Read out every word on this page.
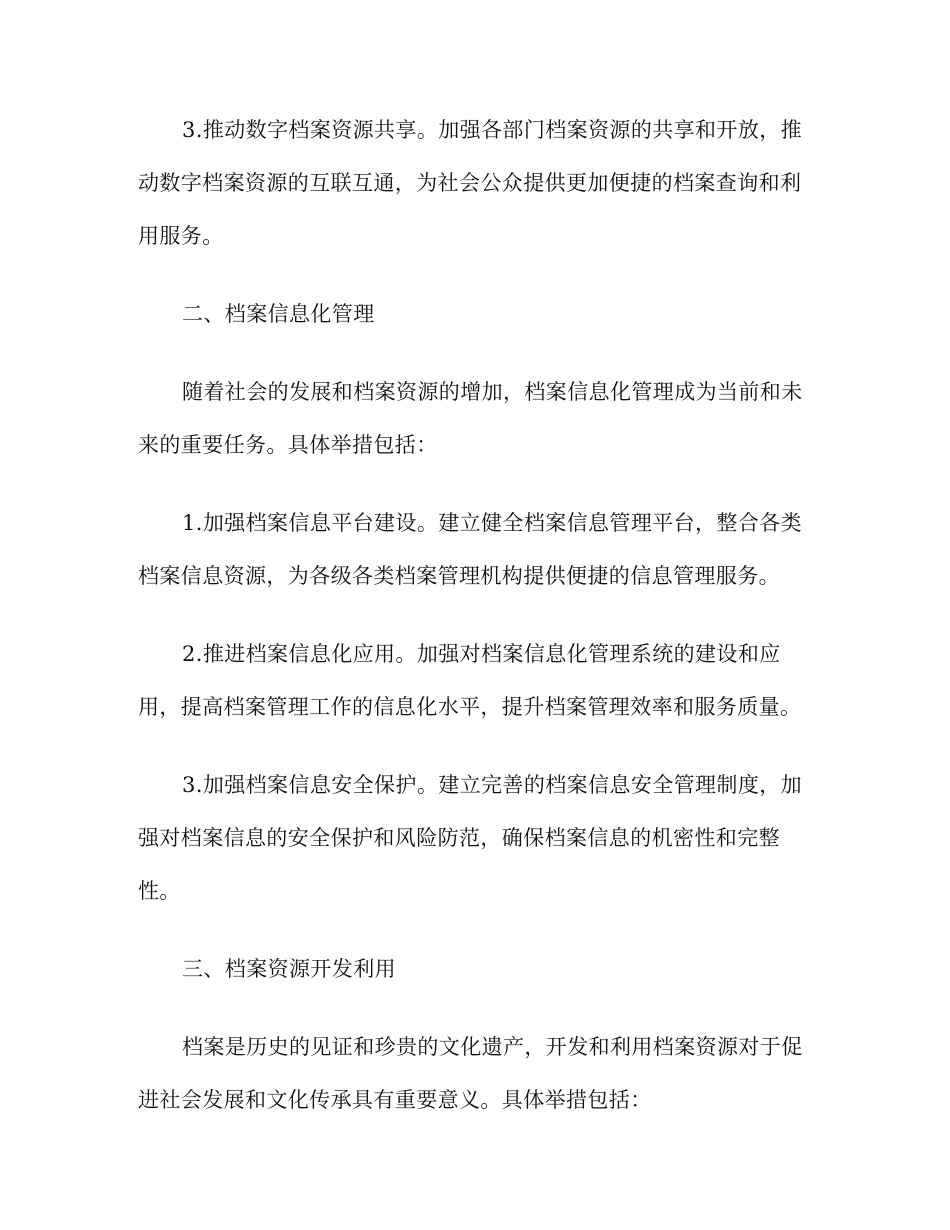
3.推动数字档案资源共享。加强各部门档案资源的共享和开放，推动数字档案资源的互联互通，为社会公众提供更加便捷的档案查询和利用服务。

二、档案信息化管理

随着社会的发展和档案资源的增加，档案信息化管理成为当前和未来的重要任务。具体举措包括：

1.加强档案信息平台建设。建立健全档案信息管理平台，整合各类档案信息资源，为各级各类档案管理机构提供便捷的信息管理服务。

2.推进档案信息化应用。加强对档案信息化管理系统的建设和应用，提高档案管理工作的信息化水平，提升档案管理效率和服务质量。

3.加强档案信息安全保护。建立完善的档案信息安全管理制度，加强对档案信息的安全保护和风险防范，确保档案信息的机密性和完整性。

三、档案资源开发利用

档案是历史的见证和珍贵的文化遗产，开发和利用档案资源对于促进社会发展和文化传承具有重要意义。具体举措包括：
